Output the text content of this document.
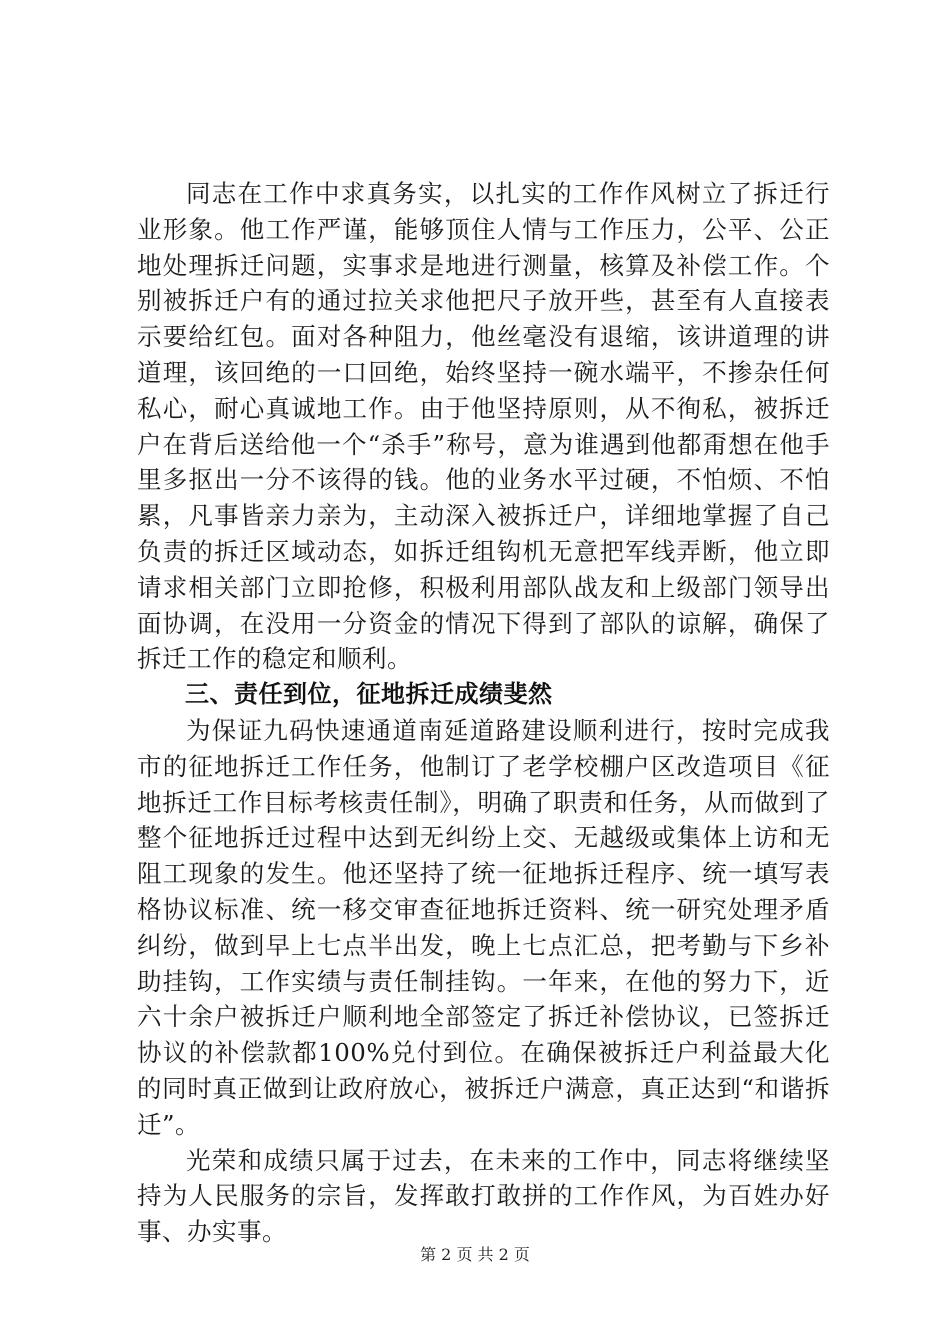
同志在工作中求真务实，以扎实的工作作风树立了拆迁行业形象。他工作严谨，能够顶住人情与工作压力，公平、公正地处理拆迁问题，实事求是地进行测量，核算及补偿工作。个别被拆迁户有的通过拉关求他把尺子放开些，甚至有人直接表示要给红包。面对各种阻力，他丝毫没有退缩，该讲道理的讲道理，该回绝的一口回绝，始终坚持一碗水端平，不掺杂任何私心，耐心真诚地工作。由于他坚持原则，从不徇私，被拆迁户在背后送给他一个“杀手”称号，意为谁遇到他都甭想在他手里多抠出一分不该得的钱。他的业务水平过硬，不怕烦、不怕累，凡事皆亲力亲为，主动深入被拆迁户，详细地掌握了自己负责的拆迁区域动态，如拆迁组钩机无意把军线弄断，他立即请求相关部门立即抢修，积极利用部队战友和上级部门领导出面协调，在没用一分资金的情况下得到了部队的谅解，确保了拆迁工作的稳定和顺利。

三、责任到位，征地拆迁成绩斐然

为保证九码快速通道南延道路建设顺利进行，按时完成我市的征地拆迁工作任务，他制订了老学校棚户区改造项目《征地拆迁工作目标考核责任制》，明确了职责和任务，从而做到了整个征地拆迁过程中达到无纠纷上交、无越级或集体上访和无阻工现象的发生。他还坚持了统一征地拆迁程序、统一填写表格协议标准、统一移交审查征地拆迁资料、统一研究处理矛盾纠纷，做到早上七点半出发，晚上七点汇总，把考勤与下乡补助挂钩，工作实绩与责任制挂钩。一年来，在他的努力下，近六十余户被拆迁户顺利地全部签定了拆迁补偿协议，已签拆迁协议的补偿款都100%兑付到位。在确保被拆迁户利益最大化的同时真正做到让政府放心，被拆迁户满意，真正达到“和谐拆迁”。

光荣和成绩只属于过去，在未来的工作中，同志将继续坚持为人民服务的宗旨，发挥敢打敢拼的工作作风，为百姓办好事、办实事。

第 2 页 共 2 页
